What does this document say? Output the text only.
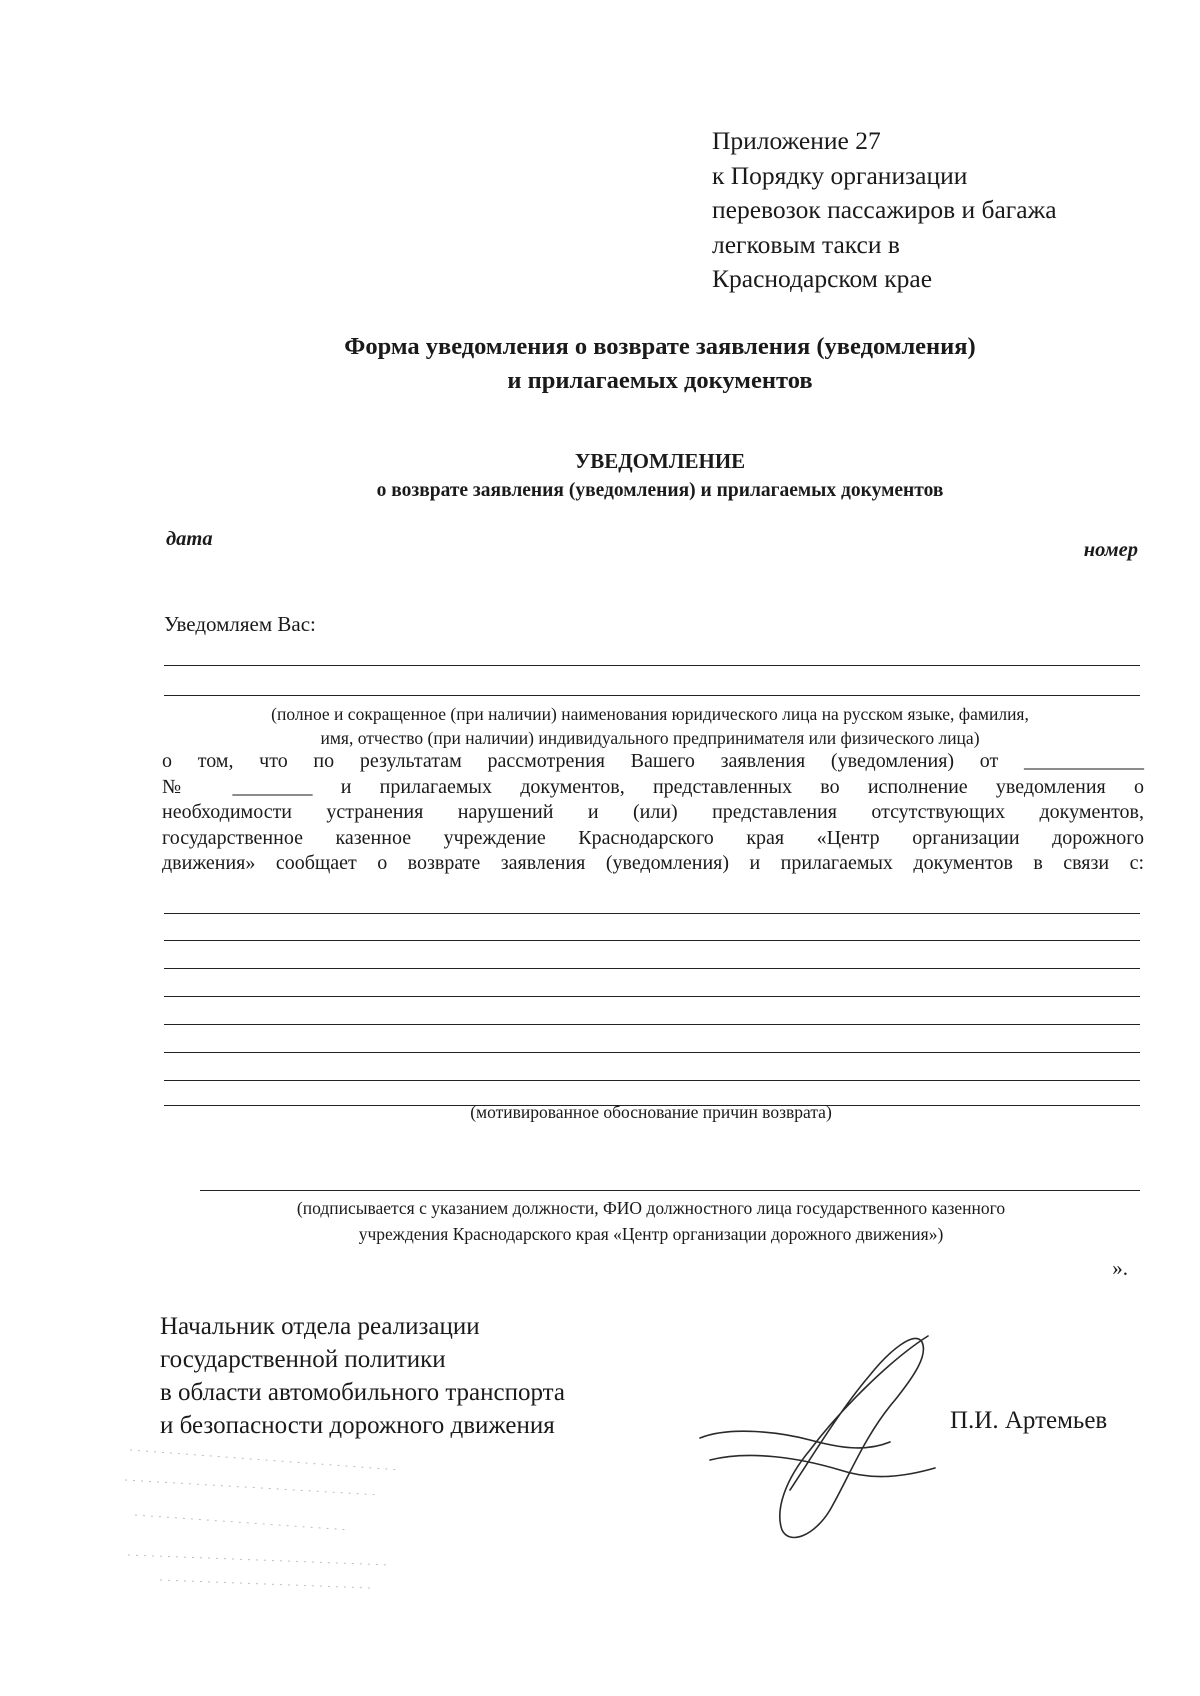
Приложение 27
к Порядку организации
перевозок пассажиров и багажа
легковым такси в
Краснодарском крае
Форма уведомления о возврате заявления (уведомления)
и прилагаемых документов
УВЕДОМЛЕНИЕ
о возврате заявления (уведомления) и прилагаемых документов
дата	номер
Уведомляем Вас:
(полное и сокращенное (при наличии) наименования юридического лица на русском языке, фамилия,
имя, отчество (при наличии) индивидуального предпринимателя или физического лица)
о том, что по результатам рассмотрения Вашего заявления (уведомления) от ____________
№ ________ и прилагаемых документов, представленных во исполнение уведомления о
необходимости устранения нарушений и (или) представления отсутствующих документов,
государственное казенное учреждение Краснодарского края «Центр организации дорожного
движения» сообщает о возврате заявления (уведомления) и прилагаемых документов в связи с:
(мотивированное обоснование причин возврата)
(подписывается с указанием должности, ФИО должностного лица государственного казенного
учреждения Краснодарского края «Центр организации дорожного движения»)
».
Начальник отдела реализации
государственной политики
в области автомобильного транспорта
и безопасности дорожного движения	П.И. Артемьев
